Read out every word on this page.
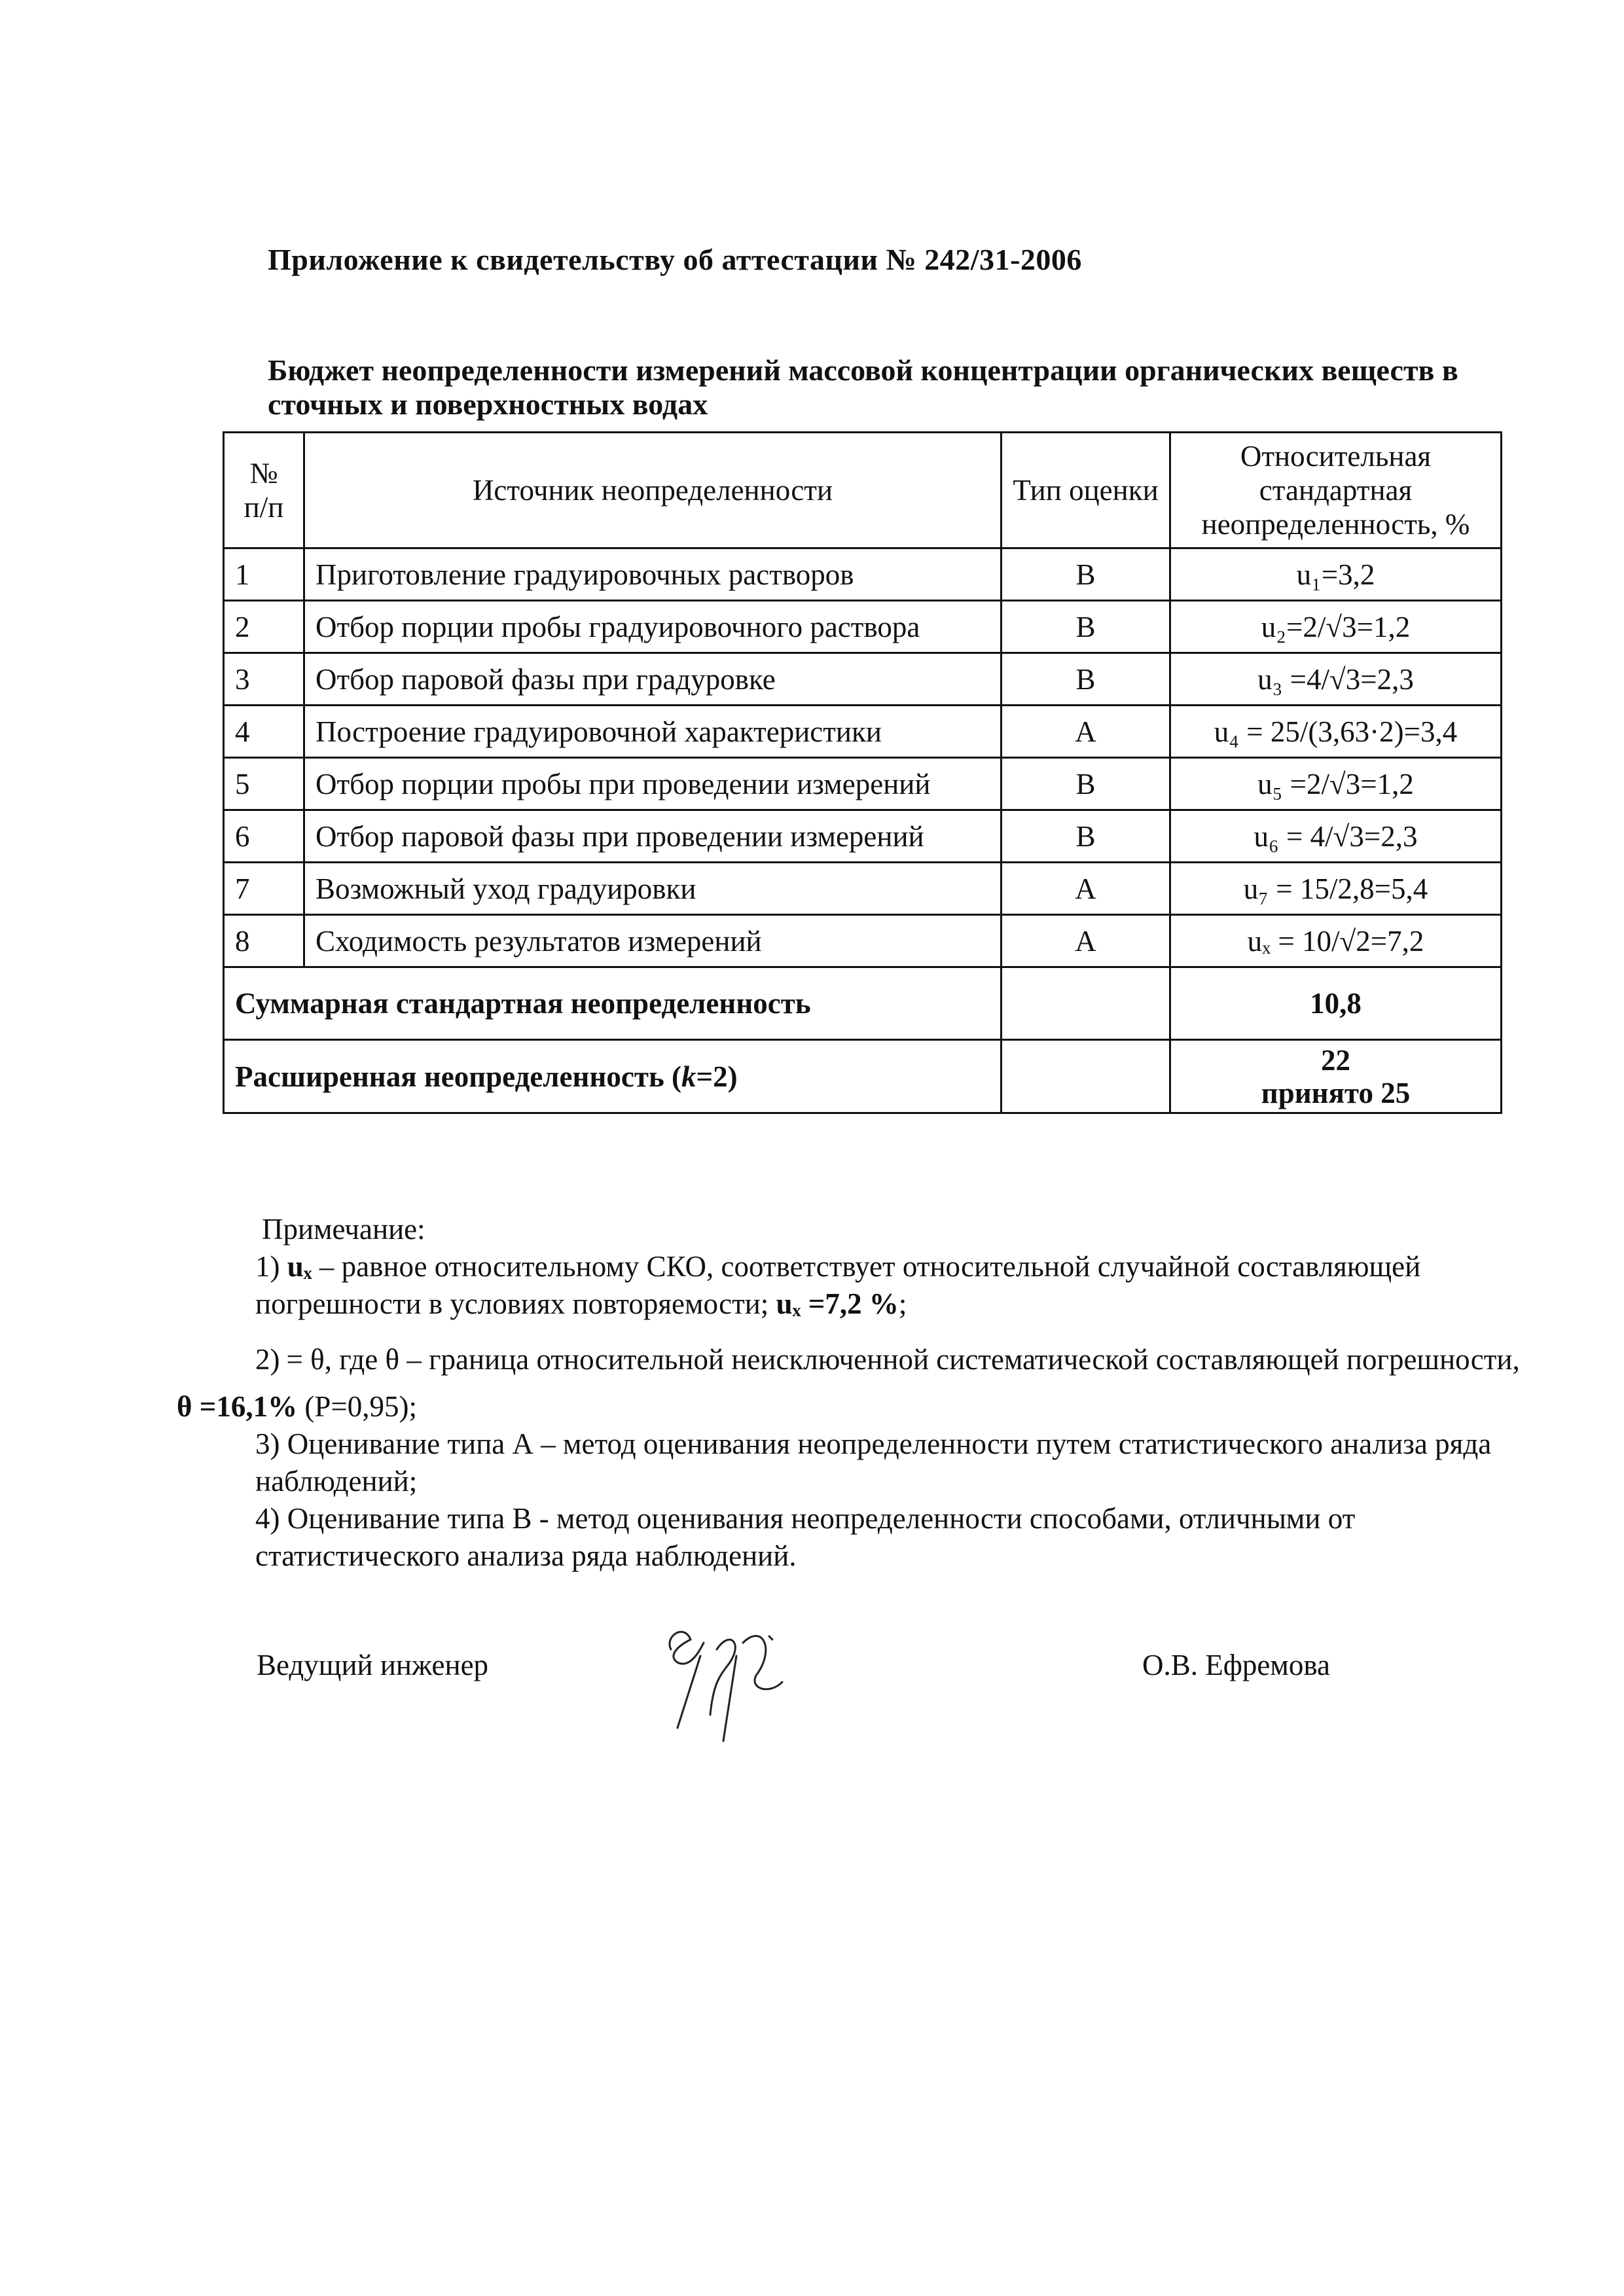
Приложение к свидетельству об аттестации № 242/31-2006
Бюджет неопределенности измерений массовой концентрации органических веществ в сточных и поверхностных водах
№ п/п	Источник неопределенности	Тип оценки	Относительная стандартная неопределенность, %
1	Приготовление градуировочных растворов	B	u₁=3,2
2	Отбор порции пробы градуировочного раствора	B	u₂=2/√3=1,2
3	Отбор паровой фазы при градуровке	B	u₃ =4/√3=2,3
4	Построение градуировочной характеристики	A	u₄ = 25/(3,63·2)=3,4
5	Отбор порции пробы при проведении измерений	B	u₅ =2/√3=1,2
6	Отбор паровой фазы при проведении измерений	B	u₆ = 4/√3=2,3
7	Возможный уход градуировки	A	u₇ = 15/2,8=5,4
8	Сходимость результатов измерений	A	uₓ = 10/√2=7,2
Суммарная стандартная неопределенность			10,8
Расширенная неопределенность (k=2)			22
принято 25

Примечание:

1) uₓ – равное относительному СКО, соответствует относительной случайной составляющей погрешности в условиях повторяемости; uₓ =7,2 %;

2) = θ, где θ – граница относительной неисключенной систематической составляющей погрешности,

θ =16,1% (Р=0,95);

3) Оценивание типа А – метод оценивания неопределенности путем статистического анализа ряда наблюдений;

4) Оценивание типа В - метод оценивания неопределенности способами, отличными от статистического анализа ряда наблюдений.

Ведущий инженер	О.В. Ефремова
